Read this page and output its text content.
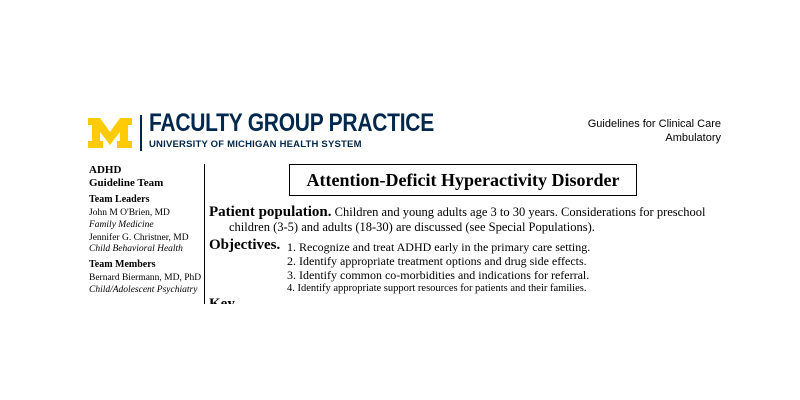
FACULTY GROUP PRACTICE
UNIVERSITY OF MICHIGAN HEALTH SYSTEM
Guidelines for Clinical Care
Ambulatory
ADHD
Guideline Team
Team Leaders
John M O'Brien, MD
Family Medicine
Jennifer G. Christner, MD
Child Behavioral Health
Team Members
Bernard Biermann, MD, PhD
Child/Adolescent Psychiatry
Attention-Deficit Hyperactivity Disorder
Patient population. Children and young adults age 3 to 30 years. Considerations for preschool
children (3-5) and adults (18-30) are discussed (see Special Populations).
Objectives. 1. Recognize and treat ADHD early in the primary care setting.
2. Identify appropriate treatment options and drug side effects.
3. Identify common co-morbidities and indications for referral.
4. Identify appropriate support resources for patients and their families.
